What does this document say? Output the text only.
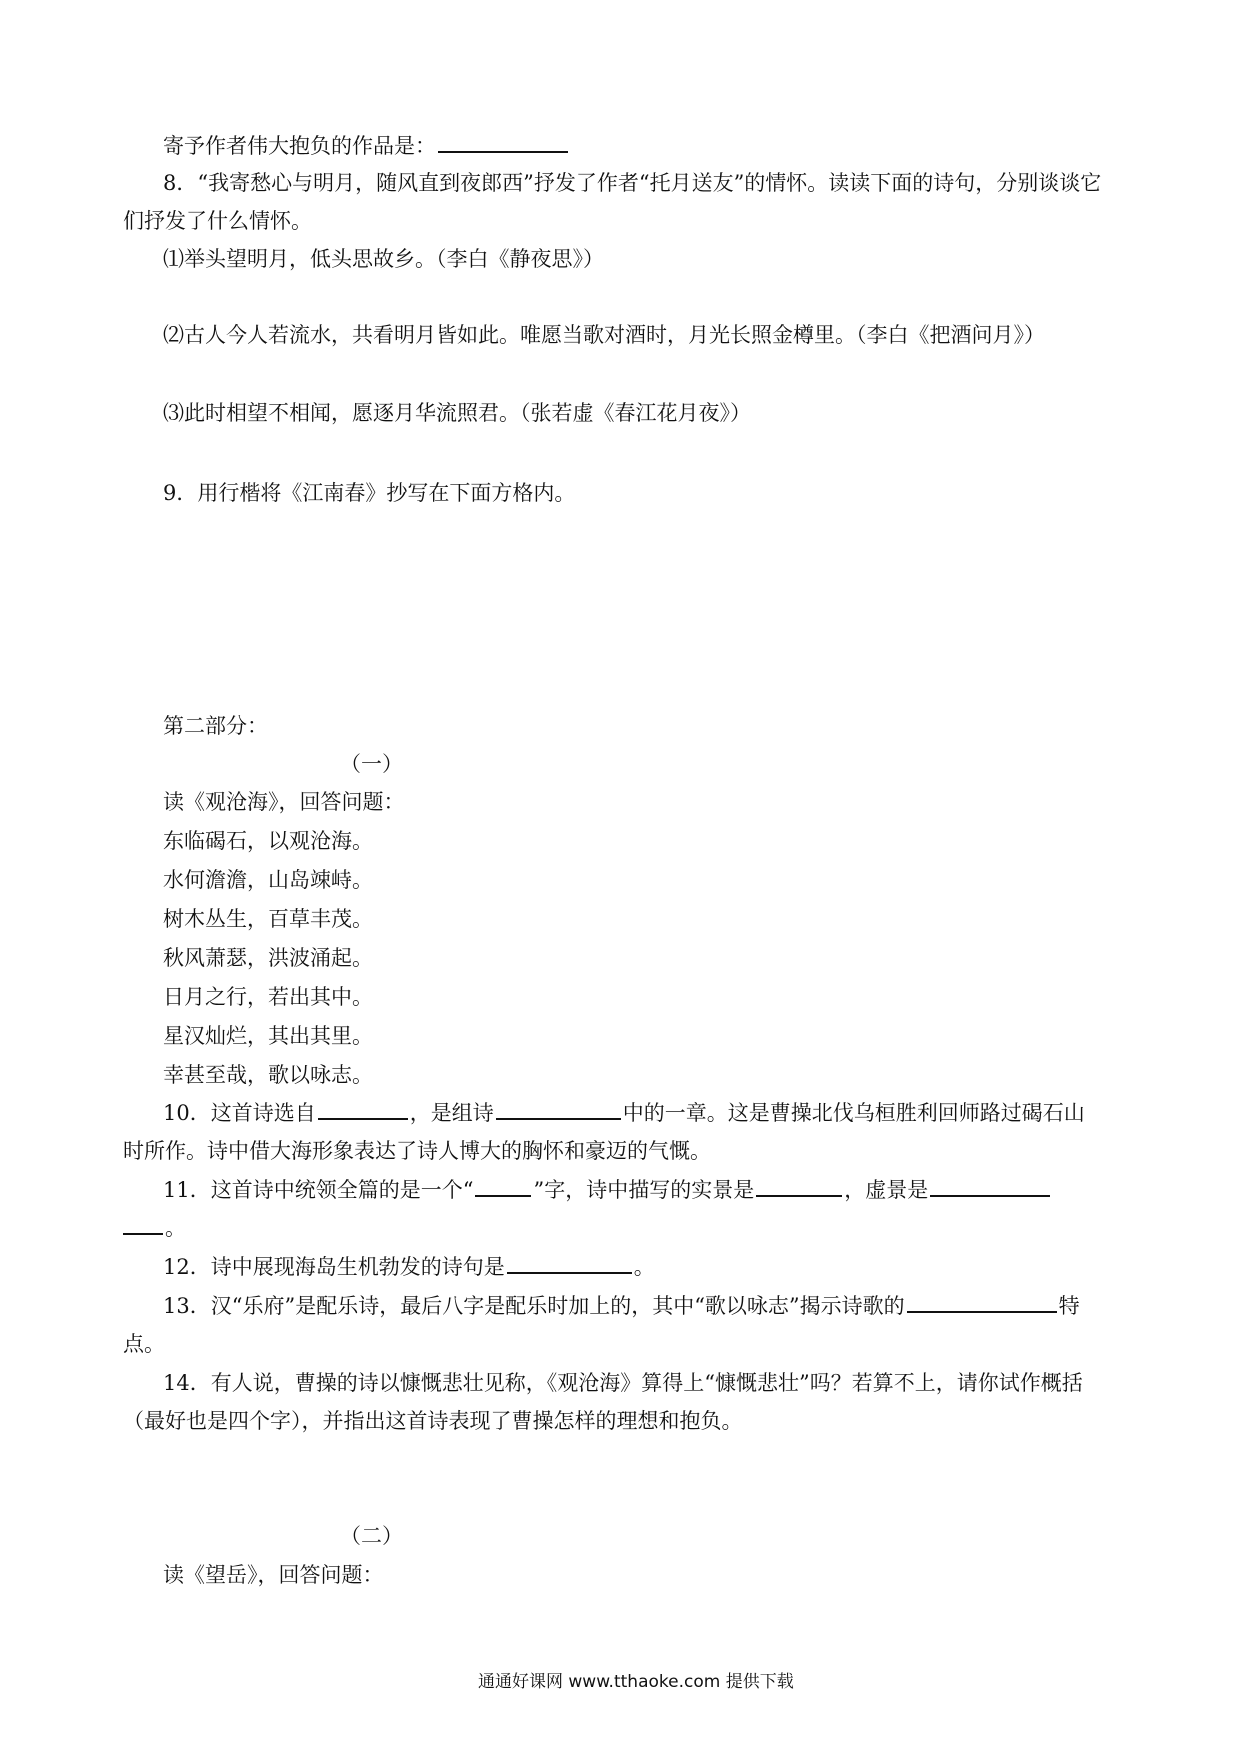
寄予作者伟大抱负的作品是：
8．“我寄愁心与明月，随风直到夜郎西”抒发了作者“托月送友”的情怀。读读下面的诗句，分别谈谈它
们抒发了什么情怀。
⑴举头望明月，低头思故乡。（李白《静夜思》）
⑵古人今人若流水，共看明月皆如此。唯愿当歌对酒时，月光长照金樽里。（李白《把酒问月》）
⑶此时相望不相闻，愿逐月华流照君。（张若虚《春江花月夜》）
9．用行楷将《江南春》抄写在下面方格内。
第二部分：
（一）
读《观沧海》，回答问题：
东临碣石，以观沧海。
水何澹澹，山岛竦峙。
树木丛生，百草丰茂。
秋风萧瑟，洪波涌起。
日月之行，若出其中。
星汉灿烂，其出其里。
幸甚至哉，歌以咏志。
10．这首诗选自	，是组诗	中的一章。这是曹操北伐乌桓胜利回师路过碣石山
时所作。诗中借大海形象表达了诗人博大的胸怀和豪迈的气慨。
11．这首诗中统领全篇的是一个“	”字，诗中描写的实景是	，虚景是
。
12．诗中展现海岛生机勃发的诗句是	。
13．汉“乐府”是配乐诗，最后八字是配乐时加上的，其中“歌以咏志”揭示诗歌的	特
点。
14．有人说，曹操的诗以慷慨悲壮见称，《观沧海》算得上“慷慨悲壮”吗？若算不上，请你试作概括
（最好也是四个字），并指出这首诗表现了曹操怎样的理想和抱负。
（二）
读《望岳》，回答问题：
通通好课网 www.tthaoke.com 提供下载
